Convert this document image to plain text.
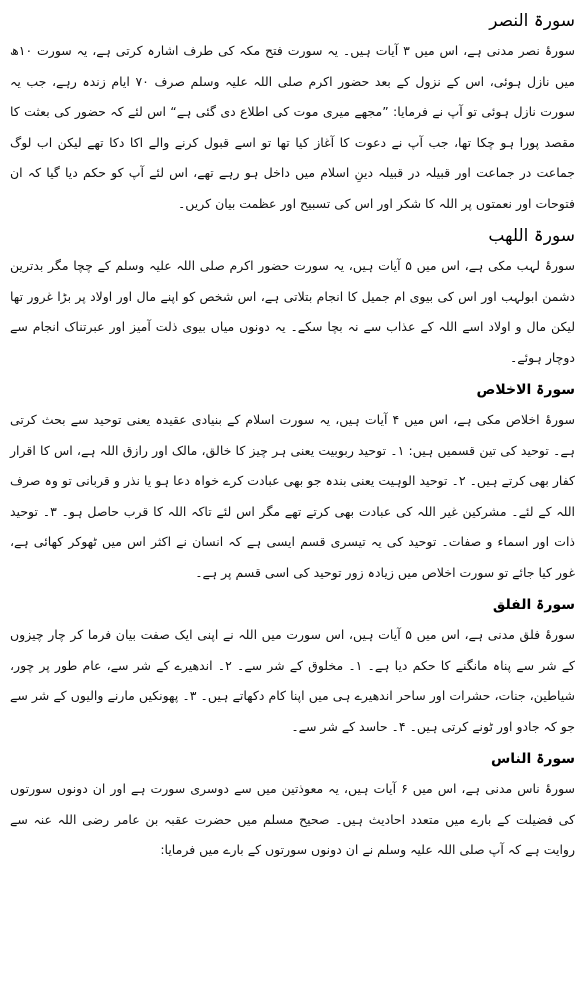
سورۃ النصر

سورۂ نصر مدنی ہے، اس میں ۳ آیات ہیں۔ یہ سورت فتح مکہ کی طرف اشارہ کرتی ہے، یہ سورت ۱۰ھ میں نازل ہوئی، اس کے نزول کے بعد حضور اکرم صلی اللہ علیہ وسلم صرف ۷۰ ایام زندہ رہے، جب یہ سورت نازل ہوئی تو آپ نے فرمایا: ”مجھے میری موت کی اطلاع دی گئی ہے“ اس لئے کہ حضور کی بعثت کا مقصد پورا ہو چکا تھا، جب آپ نے دعوت کا آغاز کیا تھا تو اسے قبول کرنے والے اکا دکا تھے لیکن اب لوگ جماعت در جماعت اور قبیلہ در قبیلہ دینِ اسلام میں داخل ہو رہے تھے، اس لئے آپ کو حکم دیا گیا کہ ان فتوحات اور نعمتوں پر اللہ کا شکر اور اس کی تسبیح اور عظمت بیان کریں۔

سورۃ اللھب

سورۂ لہب مکی ہے، اس میں ۵ آیات ہیں، یہ سورت حضور اکرم صلی اللہ علیہ وسلم کے چچا مگر بدترین دشمن ابولہب اور اس کی بیوی ام جمیل کا انجام بتلاتی ہے، اس شخص کو اپنے مال اور اولاد پر بڑا غرور تھا لیکن مال و اولاد اسے اللہ کے عذاب سے نہ بچا سکے۔ یہ دونوں میاں بیوی ذلت آمیز اور عبرتناک انجام سے دوچار ہوئے۔

سورۃ الاخلاص

سورۂ اخلاص مکی ہے، اس میں ۴ آیات ہیں، یہ سورت اسلام کے بنیادی عقیدہ یعنی توحید سے بحث کرتی ہے۔ توحید کی تین قسمیں ہیں: ۱۔ توحید ربوبیت یعنی ہر چیز کا خالق، مالک اور رازق اللہ ہے، اس کا اقرار کفار بھی کرتے ہیں۔ ۲۔ توحید الوہیت یعنی بندہ جو بھی عبادت کرے خواہ دعا ہو یا نذر و قربانی تو وہ صرف اللہ کے لئے۔ مشرکین غیر اللہ کی عبادت بھی کرتے تھے مگر اس لئے تاکہ اللہ کا قرب حاصل ہو۔ ۳۔ توحید ذات اور اسماء و صفات۔ توحید کی یہ تیسری قسم ایسی ہے کہ انسان نے اکثر اس میں ٹھوکر کھائی ہے، غور کیا جائے تو سورت اخلاص میں زیادہ زور توحید کی اسی قسم پر ہے۔

سورۃ الفلق

سورۂ فلق مدنی ہے، اس میں ۵ آیات ہیں، اس سورت میں اللہ نے اپنی ایک صفت بیان فرما کر چار چیزوں کے شر سے پناہ مانگنے کا حکم دیا ہے۔ ۱۔ مخلوق کے شر سے۔ ۲۔ اندھیرے کے شر سے، عام طور پر چور، شیاطین، جنات، حشرات اور ساحر اندھیرے ہی میں اپنا کام دکھاتے ہیں۔ ۳۔ پھونکیں مارنے والیوں کے شر سے جو کہ جادو اور ٹونے کرتی ہیں۔ ۴۔ حاسد کے شر سے۔

سورۃ الناس

سورۂ ناس مدنی ہے، اس میں ۶ آیات ہیں، یہ معوذتین میں سے دوسری سورت ہے اور ان دونوں سورتوں کی فضیلت کے بارے میں متعدد احادیث ہیں۔ صحیح مسلم میں حضرت عقبہ بن عامر رضی اللہ عنہ سے روایت ہے کہ آپ صلی اللہ علیہ وسلم نے ان دونوں سورتوں کے بارے میں فرمایا:
